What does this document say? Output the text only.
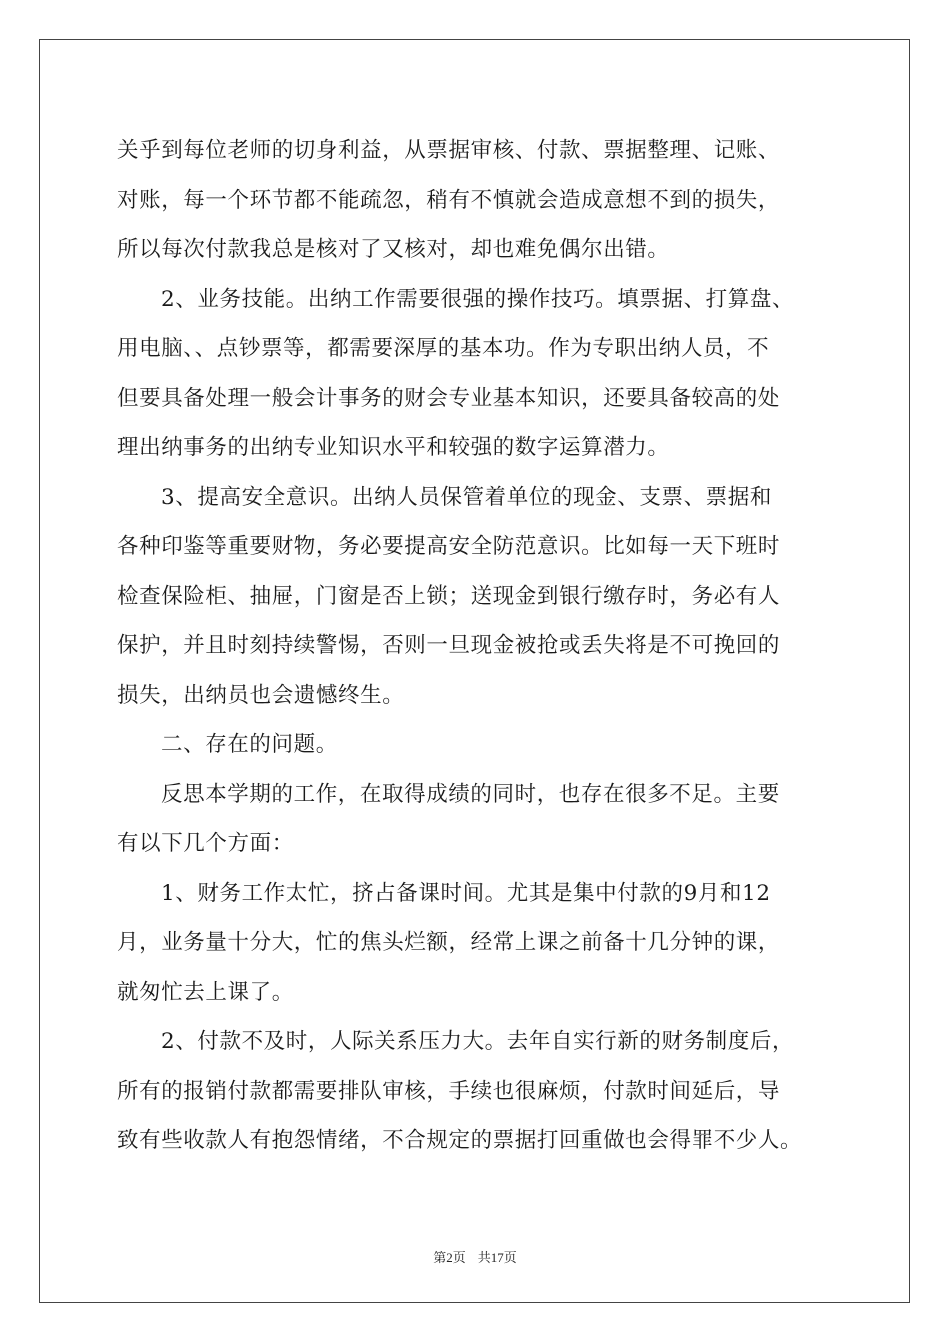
关乎到每位老师的切身利益，从票据审核、付款、票据整理、记账、
对账，每一个环节都不能疏忽，稍有不慎就会造成意想不到的损失，
所以每次付款我总是核对了又核对，却也难免偶尔出错。
2、业务技能。出纳工作需要很强的操作技巧。填票据、打算盘、
用电脑、、点钞票等，都需要深厚的基本功。作为专职出纳人员，不
但要具备处理一般会计事务的财会专业基本知识，还要具备较高的处
理出纳事务的出纳专业知识水平和较强的数字运算潜力。
3、提高安全意识。出纳人员保管着单位的现金、支票、票据和
各种印鉴等重要财物，务必要提高安全防范意识。比如每一天下班时
检查保险柜、抽屉，门窗是否上锁；送现金到银行缴存时，务必有人
保护，并且时刻持续警惕，否则一旦现金被抢或丢失将是不可挽回的
损失，出纳员也会遗憾终生。
二、存在的问题。
反思本学期的工作，在取得成绩的同时，也存在很多不足。主要
有以下几个方面：
1、财务工作太忙，挤占备课时间。尤其是集中付款的9月和12
月，业务量十分大，忙的焦头烂额，经常上课之前备十几分钟的课，
就匆忙去上课了。
2、付款不及时，人际关系压力大。去年自实行新的财务制度后，
所有的报销付款都需要排队审核，手续也很麻烦，付款时间延后，导
致有些收款人有抱怨情绪，不合规定的票据打回重做也会得罪不少人。
第2页 共17页
